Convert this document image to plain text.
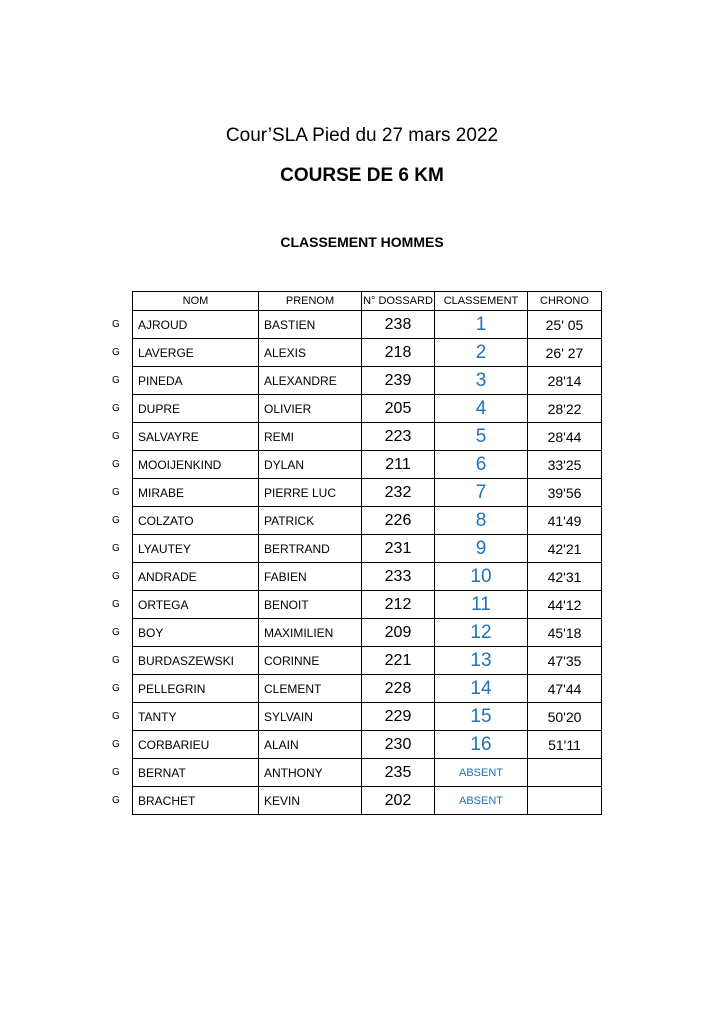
Cour’SLA Pied du 27 mars 2022
COURSE DE 6 KM
CLASSEMENT HOMMES
	NOM	PRENOM	N° DOSSARD	CLASSEMENT	CHRONO
G	AJROUD	BASTIEN	238	1	25' 05
G	LAVERGE	ALEXIS	218	2	26' 27
G	PINEDA	ALEXANDRE	239	3	28'14
G	DUPRE	OLIVIER	205	4	28'22
G	SALVAYRE	REMI	223	5	28'44
G	MOOIJENKIND	DYLAN	211	6	33'25
G	MIRABE	PIERRE LUC	232	7	39'56
G	COLZATO	PATRICK	226	8	41'49
G	LYAUTEY	BERTRAND	231	9	42'21
G	ANDRADE	FABIEN	233	10	42'31
G	ORTEGA	BENOIT	212	11	44'12
G	BOY	MAXIMILIEN	209	12	45'18
G	BURDASZEWSKI	CORINNE	221	13	47'35
G	PELLEGRIN	CLEMENT	228	14	47'44
G	TANTY	SYLVAIN	229	15	50'20
G	CORBARIEU	ALAIN	230	16	51'11
G	BERNAT	ANTHONY	235	ABSENT	
G	BRACHET	KEVIN	202	ABSENT	
